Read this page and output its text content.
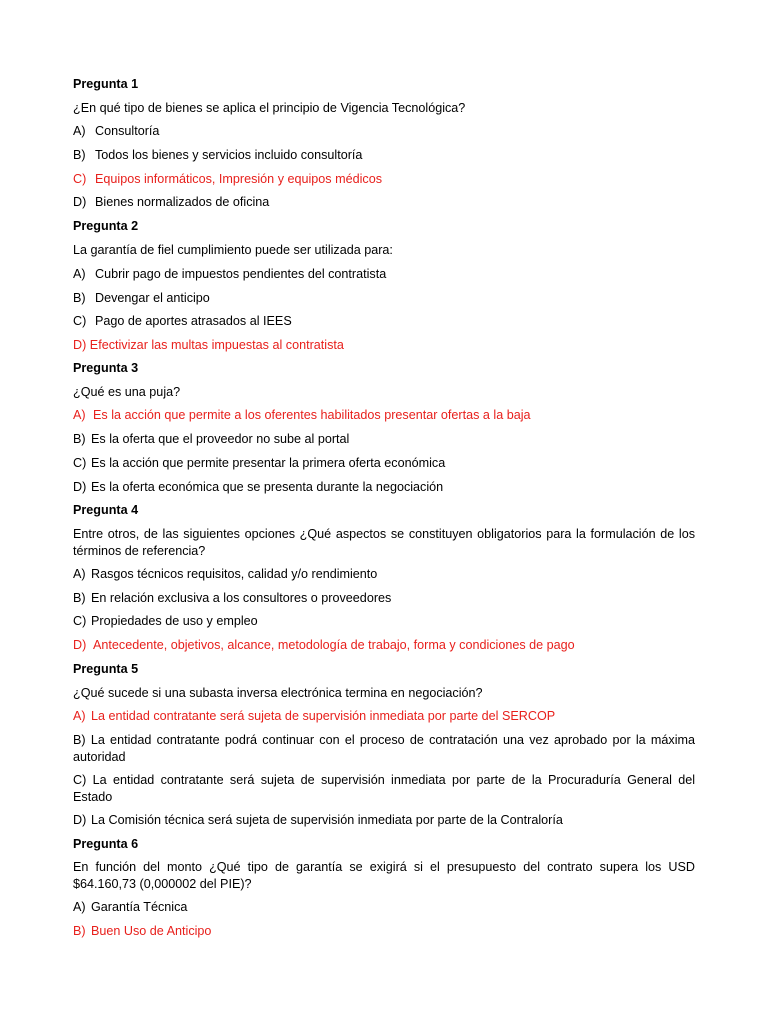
Pregunta 1
¿En qué tipo de bienes se aplica el principio de Vigencia Tecnológica?
A) Consultoría
B) Todos los bienes y servicios incluido consultoría
C) Equipos informáticos, Impresión y equipos médicos
D) Bienes normalizados de oficina
Pregunta 2
La garantía de fiel cumplimiento puede ser utilizada para:
A) Cubrir pago de impuestos pendientes del contratista
B) Devengar el anticipo
C) Pago de aportes atrasados al IEES
D) Efectivizar las multas impuestas al contratista
Pregunta 3
¿Qué es una puja?
A) Es la acción que permite a los oferentes habilitados presentar ofertas a la baja
B) Es la oferta que el proveedor no sube al portal
C) Es la acción que permite presentar la primera oferta económica
D) Es la oferta económica que se presenta durante la negociación
Pregunta 4
Entre otros, de las siguientes opciones ¿Qué aspectos se constituyen obligatorios para la formulación de los términos de referencia?
A) Rasgos técnicos requisitos, calidad y/o rendimiento
B) En relación exclusiva a los consultores o proveedores
C) Propiedades de uso y empleo
D) Antecedente, objetivos, alcance, metodología de trabajo, forma y condiciones de pago
Pregunta 5
¿Qué sucede si una subasta inversa electrónica termina en negociación?
A) La entidad contratante será sujeta de supervisión inmediata por parte del SERCOP
B) La entidad contratante podrá continuar con el proceso de contratación una vez aprobado por la máxima autoridad
C) La entidad contratante será sujeta de supervisión inmediata por parte de la Procuraduría General del Estado
D) La Comisión técnica será sujeta de supervisión inmediata por parte de la Contraloría
Pregunta 6
En función del monto ¿Qué tipo de garantía se exigirá si el presupuesto del contrato supera los USD $64.160,73 (0,000002 del PIE)?
A) Garantía Técnica
B) Buen Uso de Anticipo
